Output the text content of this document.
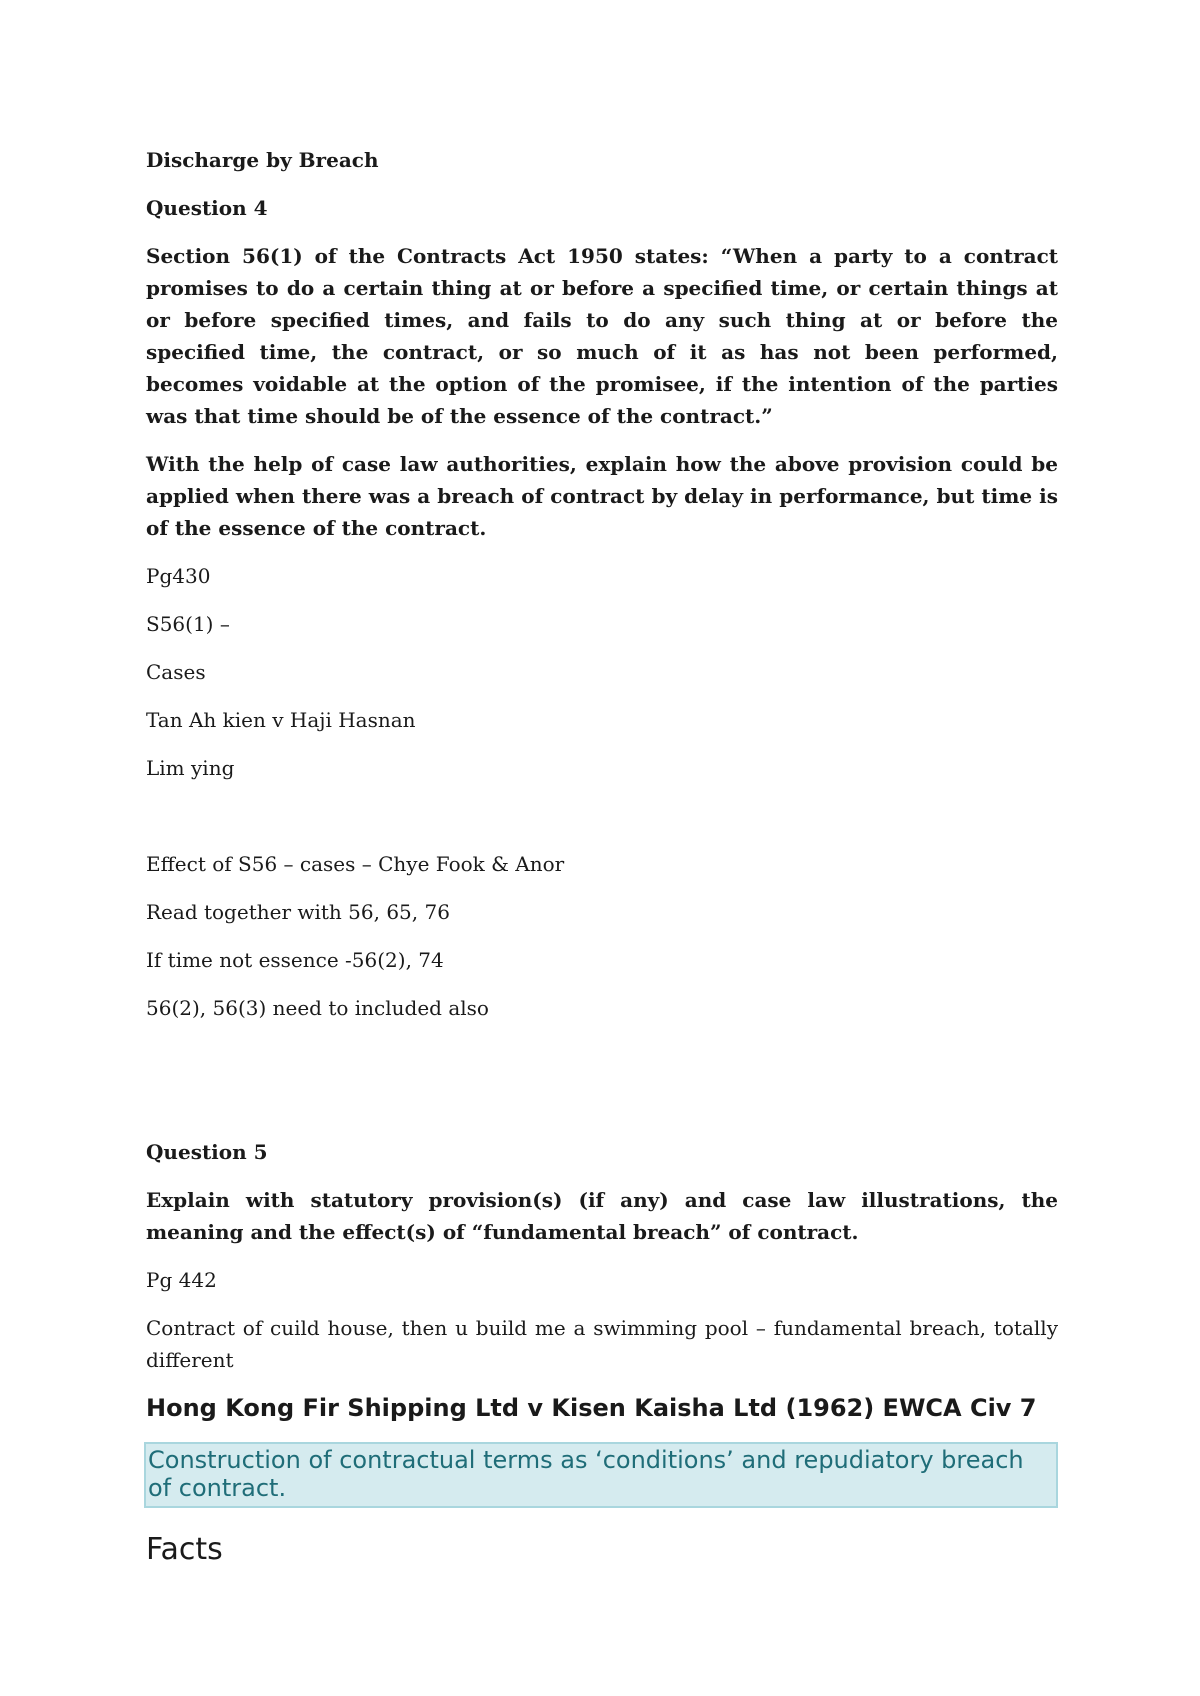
Discharge by Breach

Question 4

Section 56(1) of the Contracts Act 1950 states: “When a party to a contract promises to do a certain thing at or before a specified time, or certain things at or before specified times, and fails to do any such thing at or before the specified time, the contract, or so much of it as has not been performed, becomes voidable at the option of the promisee, if the intention of the parties was that time should be of the essence of the contract.”

With the help of case law authorities, explain how the above provision could be applied when there was a breach of contract by delay in performance, but time is of the essence of the contract.

Pg430

S56(1) –

Cases

Tan Ah kien v Haji Hasnan

Lim ying

Effect of S56 – cases – Chye Fook & Anor

Read together with 56, 65, 76

If time not essence -56(2), 74

56(2), 56(3) need to included also

Question 5

Explain with statutory provision(s) (if any) and case law illustrations, the meaning and the effect(s) of “fundamental breach” of contract.

Pg 442

Contract of cuild house, then u build me a swimming pool – fundamental breach, totally different

Hong Kong Fir Shipping Ltd v Kisen Kaisha Ltd (1962) EWCA Civ 7
Construction of contractual terms as ‘conditions’ and repudiatory breach of contract.
Facts
